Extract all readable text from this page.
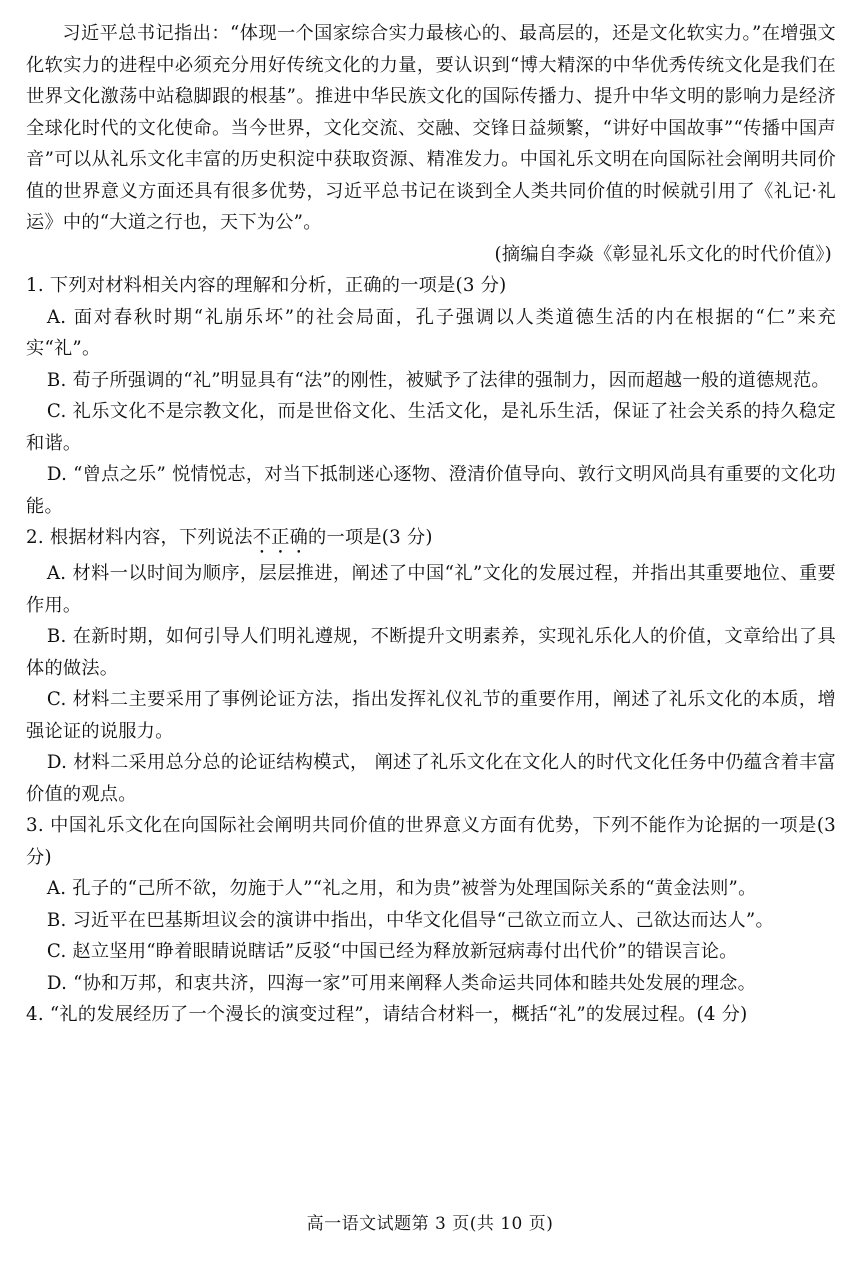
习近平总书记指出：“体现一个国家综合实力最核心的、最高层的，还是文化软实力。”在增强文化软实力的进程中必须充分用好传统文化的力量，要认识到“博大精深的中华优秀传统文化是我们在世界文化激荡中站稳脚跟的根基”。推进中华民族文化的国际传播力、提升中华文明的影响力是经济全球化时代的文化使命。当今世界，文化交流、交融、交锋日益频繁，“讲好中国故事”“传播中国声音”可以从礼乐文化丰富的历史积淀中获取资源、精准发力。中国礼乐文明在向国际社会阐明共同价值的世界意义方面还具有很多优势，习近平总书记在谈到全人类共同价值的时候就引用了《礼记·礼运》中的“大道之行也，天下为公”。

(摘编自李焱《彰显礼乐文化的时代价值》)

1. 下列对材料相关内容的理解和分析，正确的一项是(3 分)

A. 面对春秋时期“礼崩乐坏”的社会局面，孔子强调以人类道德生活的内在根据的“仁”来充实“礼”。

B. 荀子所强调的“礼”明显具有“法”的刚性，被赋予了法律的强制力，因而超越一般的道德规范。

C. 礼乐文化不是宗教文化，而是世俗文化、生活文化，是礼乐生活，保证了社会关系的持久稳定和谐。

D. “曾点之乐” 悦情悦志，对当下抵制迷心逐物、澄清价值导向、敦行文明风尚具有重要的文化功能。

2. 根据材料内容，下列说法不正确的一项是(3 分)

A. 材料一以时间为顺序，层层推进，阐述了中国“礼”文化的发展过程，并指出其重要地位、重要作用。

B. 在新时期，如何引导人们明礼遵规，不断提升文明素养，实现礼乐化人的价值，文章给出了具体的做法。

C. 材料二主要采用了事例论证方法，指出发挥礼仪礼节的重要作用，阐述了礼乐文化的本质，增强论证的说服力。

D. 材料二采用总分总的论证结构模式， 阐述了礼乐文化在文化人的时代文化任务中仍蕴含着丰富价值的观点。

3. 中国礼乐文化在向国际社会阐明共同价值的世界意义方面有优势，下列不能作为论据的一项是(3 分)

A. 孔子的“己所不欲，勿施于人”“礼之用，和为贵”被誉为处理国际关系的“黄金法则”。

B. 习近平在巴基斯坦议会的演讲中指出，中华文化倡导“己欲立而立人、己欲达而达人”。

C. 赵立坚用“睁着眼睛说瞎话”反驳“中国已经为释放新冠病毒付出代价”的错误言论。

D. “协和万邦，和衷共济，四海一家”可用来阐释人类命运共同体和睦共处发展的理念。

4. “礼的发展经历了一个漫长的演变过程”，请结合材料一，概括“礼”的发展过程。(4 分)

高一语文试题第 3 页(共 10 页)
